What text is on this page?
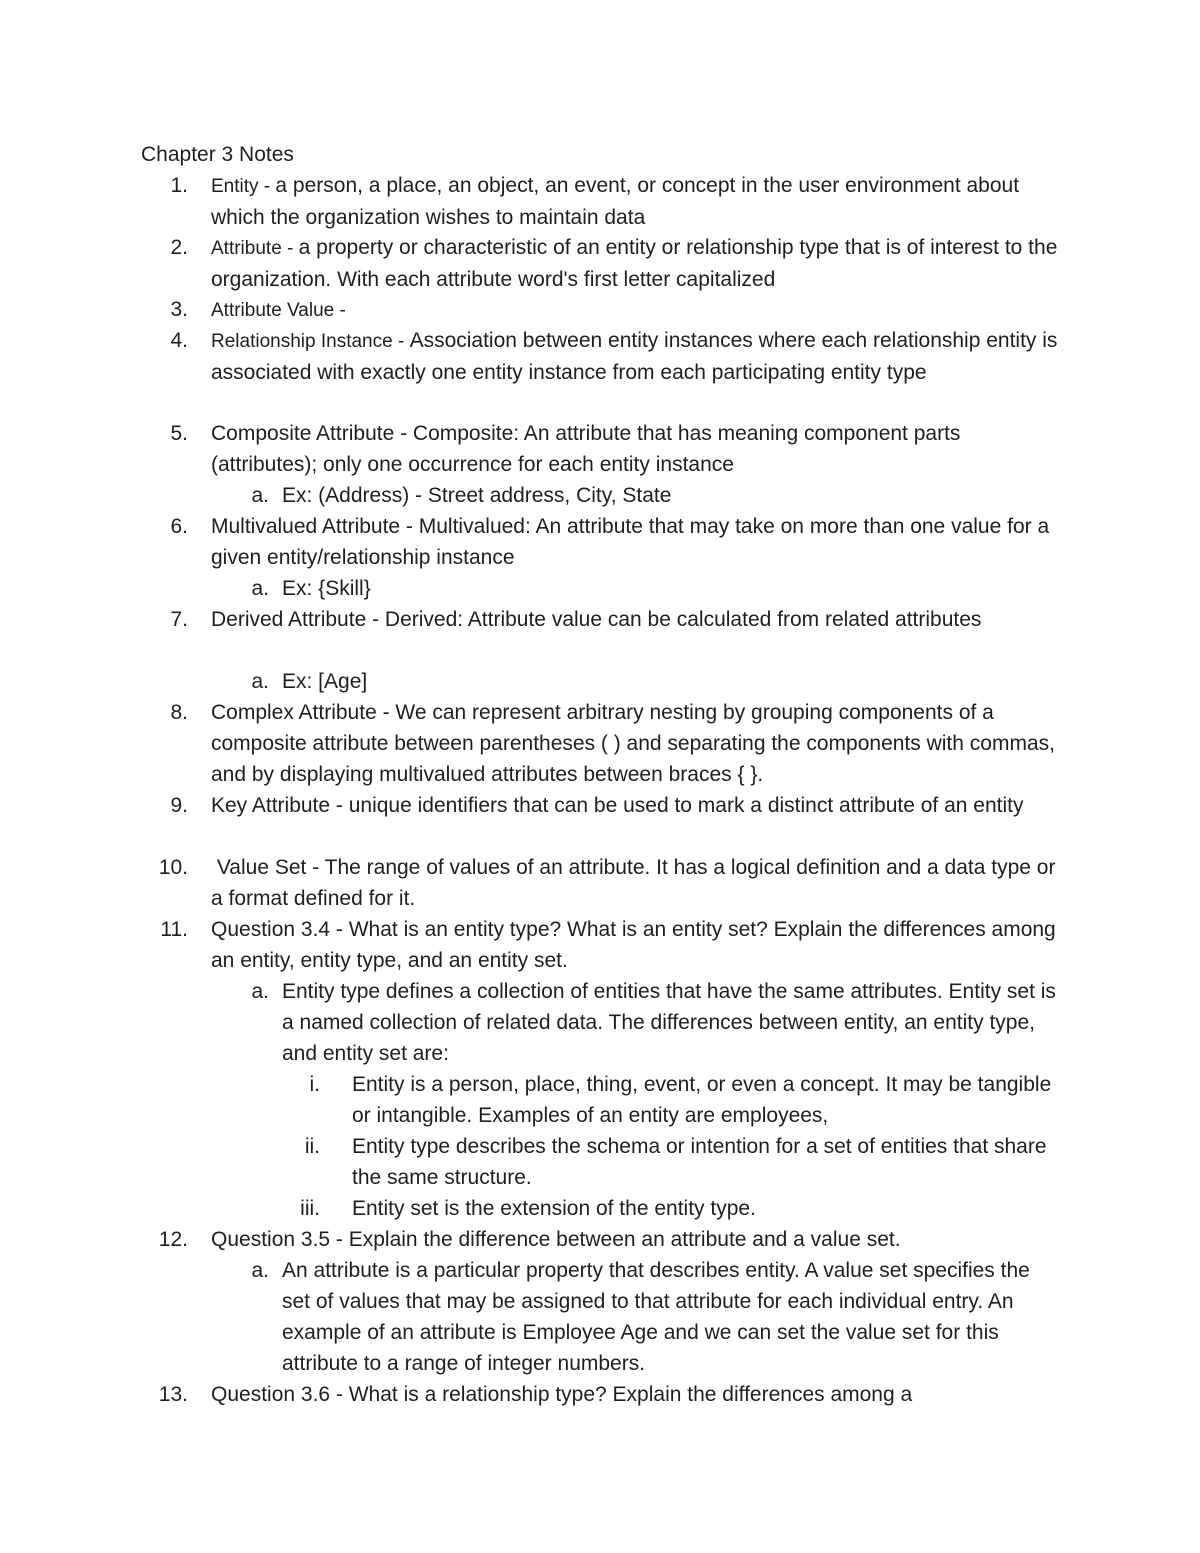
Chapter 3 Notes
1. Entity - a person, a place, an object, an event, or concept in the user environment about which the organization wishes to maintain data
2. Attribute - a property or characteristic of an entity or relationship type that is of interest to the organization. With each attribute word's first letter capitalized
3. Attribute Value -
4. Relationship Instance - Association between entity instances where each relationship entity is associated with exactly one entity instance from each participating entity type
5. Composite Attribute - Composite: An attribute that has meaning component parts (attributes); only one occurrence for each entity instance
a. Ex: (Address) - Street address, City, State
6. Multivalued Attribute - Multivalued: An attribute that may take on more than one value for a given entity/relationship instance
a. Ex: {Skill}
7. Derived Attribute - Derived: Attribute value can be calculated from related attributes
a. Ex: [Age]
8. Complex Attribute - We can represent arbitrary nesting by grouping components of a composite attribute between parentheses ( ) and separating the components with commas, and by displaying multivalued attributes between braces { }.
9. Key Attribute - unique identifiers that can be used to mark a distinct attribute of an entity
10. Value Set - The range of values of an attribute. It has a logical definition and a data type or a format defined for it.
11. Question 3.4 - What is an entity type? What is an entity set? Explain the differences among an entity, entity type, and an entity set.
a. Entity type defines a collection of entities that have the same attributes. Entity set is a named collection of related data. The differences between entity, an entity type, and entity set are:
i. Entity is a person, place, thing, event, or even a concept. It may be tangible or intangible. Examples of an entity are employees,
ii. Entity type describes the schema or intention for a set of entities that share the same structure.
iii. Entity set is the extension of the entity type.
12. Question 3.5 - Explain the difference between an attribute and a value set.
a. An attribute is a particular property that describes entity. A value set specifies the set of values that may be assigned to that attribute for each individual entry. An example of an attribute is Employee Age and we can set the value set for this attribute to a range of integer numbers.
13. Question 3.6 - What is a relationship type? Explain the differences among a
